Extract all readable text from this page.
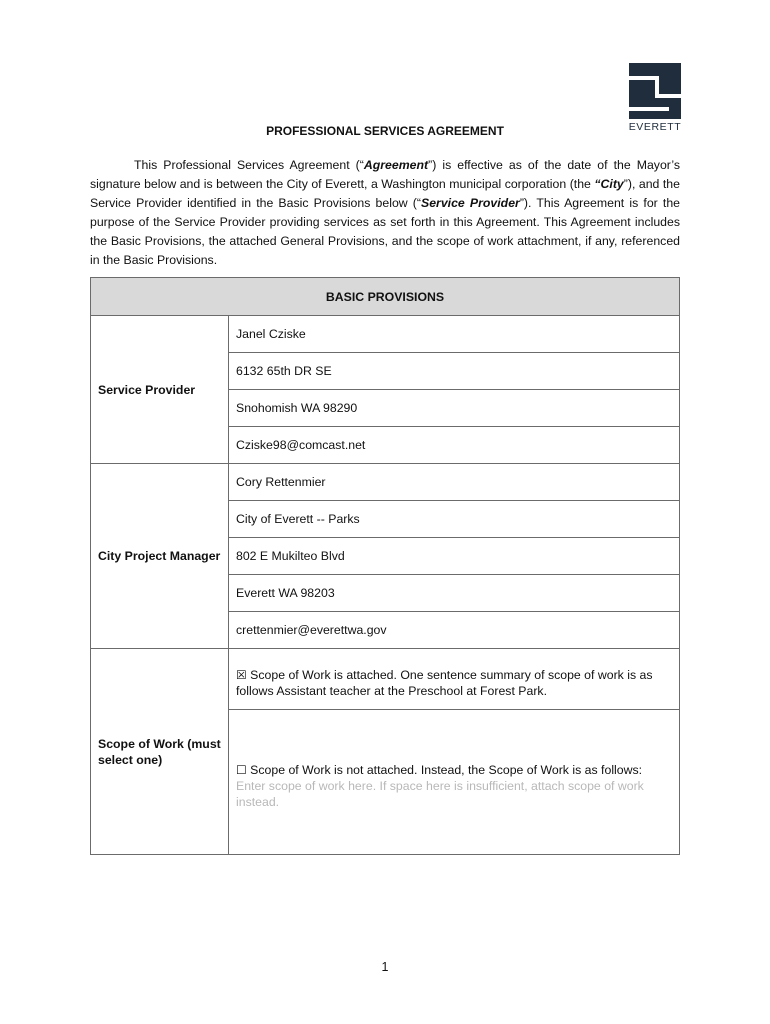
EVERETT
PROFESSIONAL SERVICES AGREEMENT
This Professional Services Agreement (“Agreement”) is effective as of the date of the Mayor’s signature below and is between the City of Everett, a Washington municipal corporation (the “City”), and the Service Provider identified in the Basic Provisions below (“Service Provider”). This Agreement is for the purpose of the Service Provider providing services as set forth in this Agreement. This Agreement includes the Basic Provisions, the attached General Provisions, and the scope of work attachment, if any, referenced in the Basic Provisions.
BASIC PROVISIONS	
Service Provider	Janel Cziske
	6132 65th DR SE
	Snohomish WA 98290
	Cziske98@comcast.net
City Project Manager	Cory Rettenmier
	City of Everett -- Parks
	802 E Mukilteo Blvd
	Everett WA 98203
	crettenmier@everettwa.gov
Scope of Work (must select one)	☒ Scope of Work is attached. One sentence summary of scope of work is as follows Assistant teacher at the Preschool at Forest Park.
	☐ Scope of Work is not attached. Instead, the Scope of Work is as follows:
Enter scope of work here. If space here is insufficient, attach scope of work instead.
1
